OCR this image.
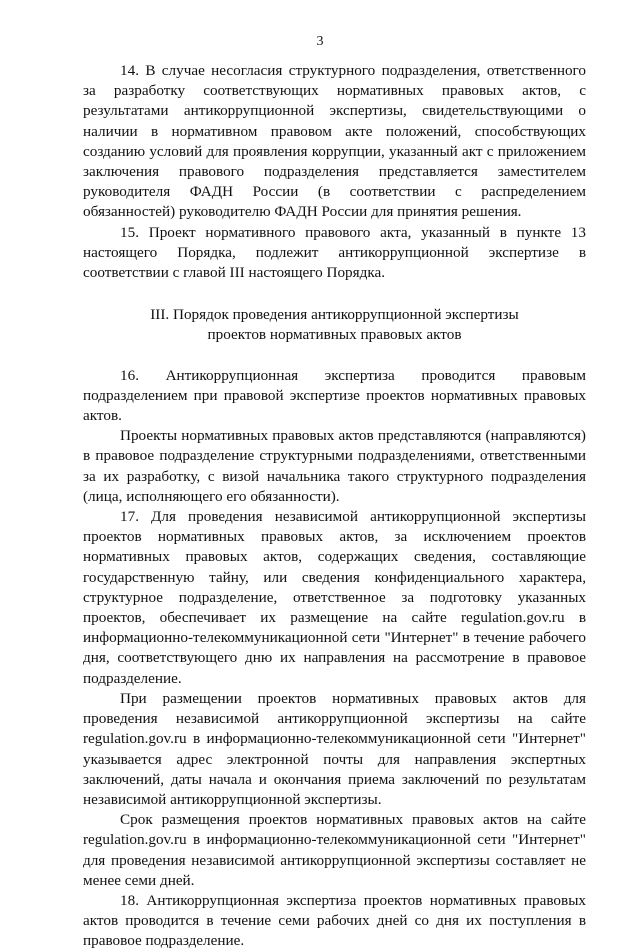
3

14. В случае несогласия структурного подразделения, ответственного за разработку соответствующих нормативных правовых актов, с результатами антикоррупционной экспертизы, свидетельствующими о наличии в нормативном правовом акте положений, способствующих созданию условий для проявления коррупции, указанный акт с приложением заключения правового подразделения представляется заместителем руководителя ФАДН России (в соответствии с распределением обязанностей) руководителю ФАДН России для принятия решения.

15. Проект нормативного правового акта, указанный в пункте 13 настоящего Порядка, подлежит антикоррупционной экспертизе в соответствии с главой III настоящего Порядка.

III. Порядок проведения антикоррупционной экспертизы
проектов нормативных правовых актов

16. Антикоррупционная экспертиза проводится правовым подразделением при правовой экспертизе проектов нормативных правовых актов.

Проекты нормативных правовых актов представляются (направляются) в правовое подразделение структурными подразделениями, ответственными за их разработку, с визой начальника такого структурного подразделения (лица, исполняющего его обязанности).

17. Для проведения независимой антикоррупционной экспертизы проектов нормативных правовых актов, за исключением проектов нормативных правовых актов, содержащих сведения, составляющие государственную тайну, или сведения конфиденциального характера, структурное подразделение, ответственное за подготовку указанных проектов, обеспечивает их размещение на сайте regulation.gov.ru в информационно-телекоммуникационной сети "Интернет" в течение рабочего дня, соответствующего дню их направления на рассмотрение в правовое подразделение.

При размещении проектов нормативных правовых актов для проведения независимой антикоррупционной экспертизы на сайте regulation.gov.ru в информационно-телекоммуникационной сети "Интернет" указывается адрес электронной почты для направления экспертных заключений, даты начала и окончания приема заключений по результатам независимой антикоррупционной экспертизы.

Срок размещения проектов нормативных правовых актов на сайте regulation.gov.ru в информационно-телекоммуникационной сети "Интернет" для проведения независимой антикоррупционной экспертизы составляет не менее семи дней.

18. Антикоррупционная экспертиза проектов нормативных правовых актов проводится в течение семи рабочих дней со дня их поступления в правовое подразделение.
